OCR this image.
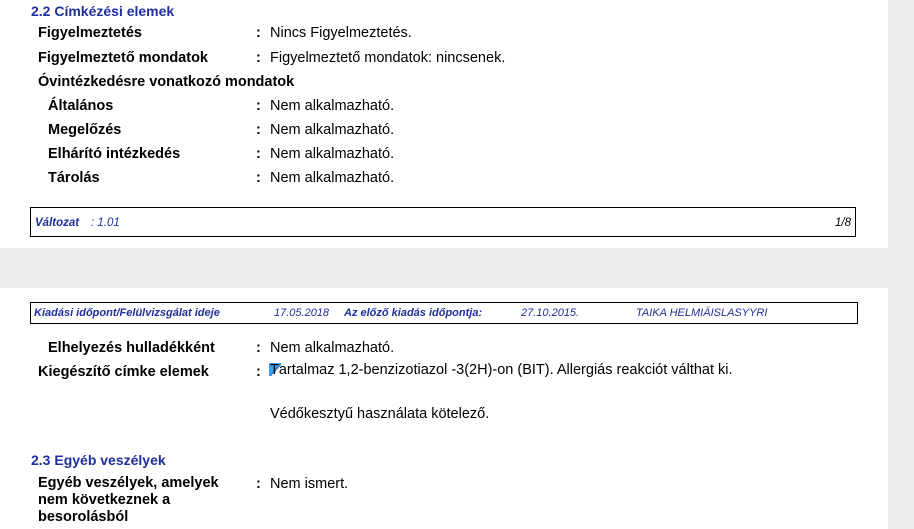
2.2 Címkézési elemek
Figyelmeztetés	: Nincs Figyelmeztetés.
Figyelmeztető mondatok	: Figyelmeztető mondatok: nincsenek.
Óvintézkedésre vonatkozó mondatok
Általános	: Nem alkalmazható.
Megelőzés	: Nem alkalmazható.
Elhárító intézkedés	: Nem alkalmazható.
Tárolás	: Nem alkalmazható.
Változat : 1.01	1/8
Kiadási időpont/Felülvizsgálat ideje	17.05.2018 Az előző kiadás időpontja:	27.10.2015.	TAIKA HELMIÄISLASYYRI
Elhelyezés hulladékként	: Nem alkalmazható.
Kiegészítő címke elemek	: Tartalmaz 1,2-benzizotiazol -3(2H)-on (BIT). Allergiás reakciót válthat ki.
Védőkesztyű használata kötelező.
2.3 Egyéb veszélyek
Egyéb veszélyek, amelyek
nem következnek a
besorolásból
: Nem ismert.
